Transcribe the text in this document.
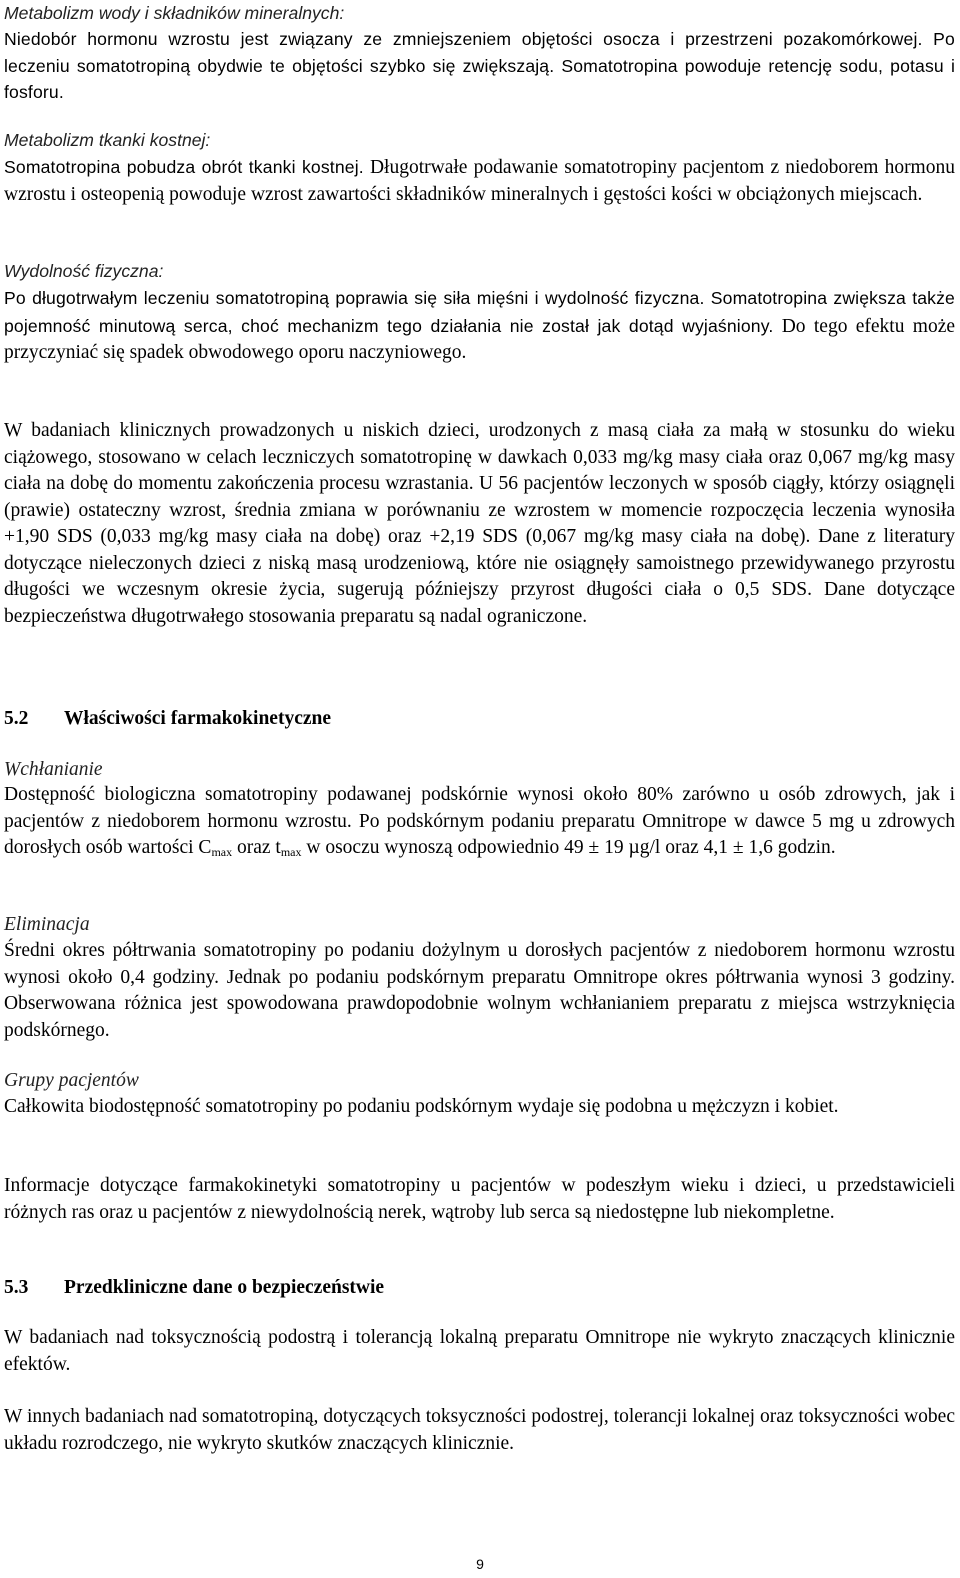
Metabolizm wody i składników mineralnych:

Niedobór hormonu wzrostu jest związany ze zmniejszeniem objętości osocza i przestrzeni pozakomórkowej. Po leczeniu somatotropiną obydwie te objętości szybko się zwiększają. Somatotropina powoduje retencję sodu, potasu i fosforu.

Metabolizm tkanki kostnej:

Somatotropina pobudza obrót tkanki kostnej. Długotrwałe podawanie somatotropiny pacjentom z niedoborem hormonu wzrostu i osteopenią powoduje wzrost zawartości składników mineralnych i gęstości kości w obciążonych miejscach.

Wydolność fizyczna:

Po długotrwałym leczeniu somatotropiną poprawia się siła mięśni i wydolność fizyczna. Somatotropina zwiększa także pojemność minutową serca, choć mechanizm tego działania nie został jak dotąd wyjaśniony. Do tego efektu może przyczyniać się spadek obwodowego oporu naczyniowego.

W badaniach klinicznych prowadzonych u niskich dzieci, urodzonych z masą ciała za małą w stosunku do wieku ciążowego, stosowano w celach leczniczych somatotropinę w dawkach 0,033 mg/kg masy ciała oraz 0,067 mg/kg masy ciała na dobę do momentu zakończenia procesu wzrastania. U 56 pacjentów leczonych w sposób ciągły, którzy osiągnęli (prawie) ostateczny wzrost, średnia zmiana w porównaniu ze wzrostem w momencie rozpoczęcia leczenia wynosiła +1,90 SDS (0,033 mg/kg masy ciała na dobę) oraz +2,19 SDS (0,067 mg/kg masy ciała na dobę). Dane z literatury dotyczące nieleczonych dzieci z niską masą urodzeniową, które nie osiągnęły samoistnego przewidywanego przyrostu długości we wczesnym okresie życia, sugerują późniejszy przyrost długości ciała o 0,5 SDS. Dane dotyczące bezpieczeństwa długotrwałego stosowania preparatu są nadal ograniczone.

5.2 Właściwości farmakokinetyczne

Wchłanianie

Dostępność biologiczna somatotropiny podawanej podskórnie wynosi około 80% zarówno u osób zdrowych, jak i pacjentów z niedoborem hormonu wzrostu. Po podskórnym podaniu preparatu Omnitrope w dawce 5 mg u zdrowych dorosłych osób wartości $C_{max}$ oraz $t_{max}$ w osoczu wynoszą odpowiednio 49 ± 19 µg/l oraz 4,1 ± 1,6 godzin.

Eliminacja

Średni okres półtrwania somatotropiny po podaniu dożylnym u dorosłych pacjentów z niedoborem hormonu wzrostu wynosi około 0,4 godziny. Jednak po podaniu podskórnym preparatu Omnitrope okres półtrwania wynosi 3 godziny. Obserwowana różnica jest spowodowana prawdopodobnie wolnym wchłanianiem preparatu z miejsca wstrzyknięcia podskórnego.

Grupy pacjentów

Całkowita biodostępność somatotropiny po podaniu podskórnym wydaje się podobna u mężczyzn i kobiet.

Informacje dotyczące farmakokinetyki somatotropiny u pacjentów w podeszłym wieku i dzieci, u przedstawicieli różnych ras oraz u pacjentów z niewydolnością nerek, wątroby lub serca są niedostępne lub niekompletne.

5.3 Przedkliniczne dane o bezpieczeństwie

W badaniach nad toksycznością podostrą i tolerancją lokalną preparatu Omnitrope nie wykryto znaczących klinicznie efektów.

W innych badaniach nad somatotropiną, dotyczących toksyczności podostrej, tolerancji lokalnej oraz toksyczności wobec układu rozrodczego, nie wykryto skutków znaczących klinicznie.

9
